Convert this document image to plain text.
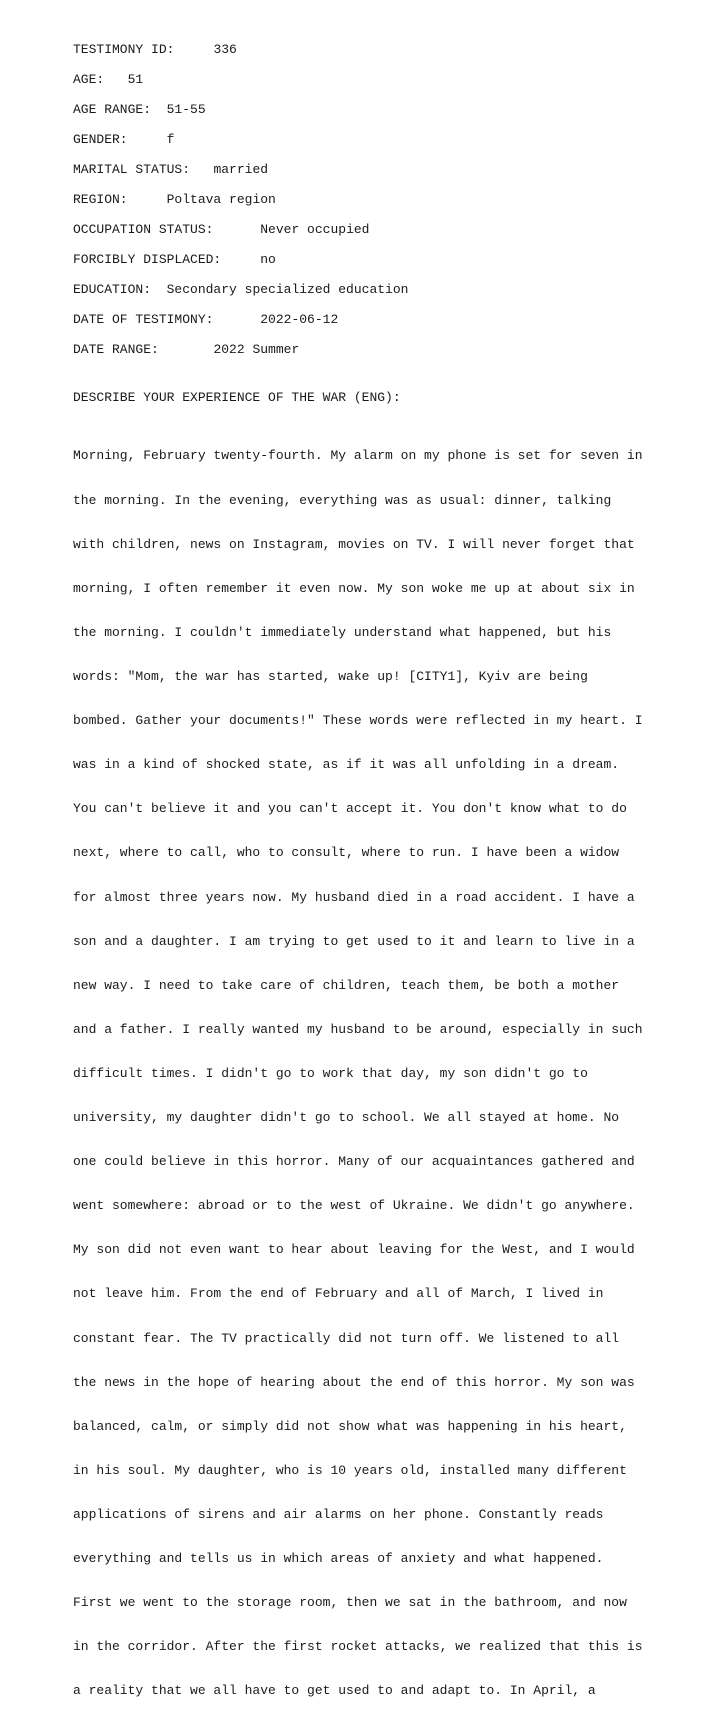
TESTIMONY ID:	336
AGE: 51
AGE RANGE: 51-55
GENDER:	f
MARITAL STATUS: married
REGION:	Poltava region
OCCUPATION STATUS:	Never occupied
FORCIBLY DISPLACED:	no
EDUCATION: Secondary specialized education
DATE OF TESTIMONY:	2022-06-12
DATE RANGE:	2022 Summer
DESCRIBE YOUR EXPERIENCE OF THE WAR (ENG):

Morning, February twenty-fourth. My alarm on my phone is set for seven in

the morning. In the evening, everything was as usual: dinner, talking

with children, news on Instagram, movies on TV. I will never forget that

morning, I often remember it even now. My son woke me up at about six in

the morning. I couldn't immediately understand what happened, but his

words: "Mom, the war has started, wake up! [CITY1], Kyiv are being

bombed. Gather your documents!" These words were reflected in my heart. I

was in a kind of shocked state, as if it was all unfolding in a dream.

You can't believe it and you can't accept it. You don't know what to do

next, where to call, who to consult, where to run. I have been a widow

for almost three years now. My husband died in a road accident. I have a

son and a daughter. I am trying to get used to it and learn to live in a

new way. I need to take care of children, teach them, be both a mother

and a father. I really wanted my husband to be around, especially in such

difficult times. I didn't go to work that day, my son didn't go to

university, my daughter didn't go to school. We all stayed at home. No

one could believe in this horror. Many of our acquaintances gathered and

went somewhere: abroad or to the west of Ukraine. We didn't go anywhere.

My son did not even want to hear about leaving for the West, and I would

not leave him. From the end of February and all of March, I lived in

constant fear. The TV practically did not turn off. We listened to all

the news in the hope of hearing about the end of this horror. My son was

balanced, calm, or simply did not show what was happening in his heart,

in his soul. My daughter, who is 10 years old, installed many different

applications of sirens and air alarms on her phone. Constantly reads

everything and tells us in which areas of anxiety and what happened.

First we went to the storage room, then we sat in the bathroom, and now

in the corridor. After the first rocket attacks, we realized that this is

a reality that we all have to get used to and adapt to. In April, a
